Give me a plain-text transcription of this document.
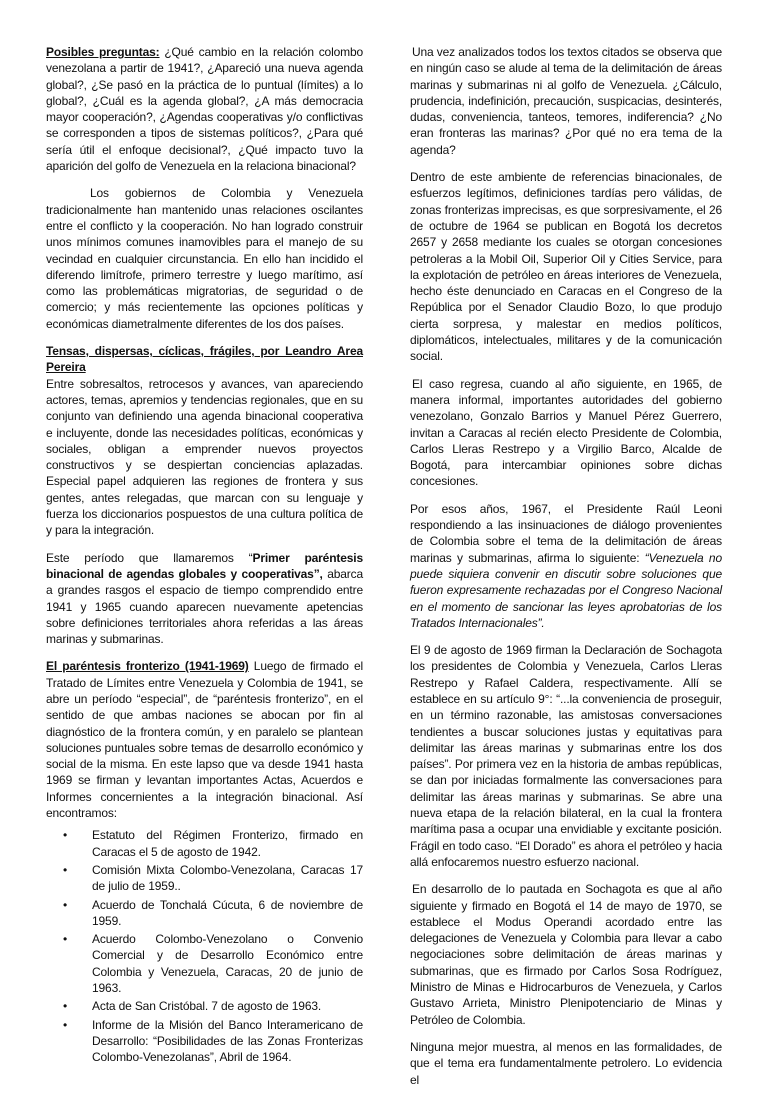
Posibles preguntas: ¿Qué cambio en la relación colombo venezolana a partir de 1941?, ¿Apareció una nueva agenda global?, ¿Se pasó en la práctica de lo puntual (límites) a lo global?, ¿Cuál es la agenda global?, ¿A más democracia mayor cooperación?, ¿Agendas cooperativas y/o conflictivas se corresponden a tipos de sistemas políticos?, ¿Para qué sería útil el enfoque decisional?, ¿Qué impacto tuvo la aparición del golfo de Venezuela en la relaciona binacional?

Los gobiernos de Colombia y Venezuela tradicionalmente han mantenido unas relaciones oscilantes entre el conflicto y la cooperación. No han logrado construir unos mínimos comunes inamovibles para el manejo de su vecindad en cualquier circunstancia. En ello han incidido el diferendo limítrofe, primero terrestre y luego marítimo, así como las problemáticas migratorias, de seguridad o de comercio; y más recientemente las opciones políticas y económicas diametralmente diferentes de los dos países.

Tensas, dispersas, cíclicas, frágiles, por Leandro Area Pereira
Entre sobresaltos, retrocesos y avances, van apareciendo actores, temas, apremios y tendencias regionales, que en su conjunto van definiendo una agenda binacional cooperativa e incluyente, donde las necesidades políticas, económicas y sociales, obligan a emprender nuevos proyectos constructivos y se despiertan conciencias aplazadas. Especial papel adquieren las regiones de frontera y sus gentes, antes relegadas, que marcan con su lenguaje y fuerza los diccionarios pospuestos de una cultura política de y para la integración.

Este período que llamaremos “Primer paréntesis binacional de agendas globales y cooperativas”, abarca a grandes rasgos el espacio de tiempo comprendido entre 1941 y 1965 cuando aparecen nuevamente apetencias sobre definiciones territoriales ahora referidas a las áreas marinas y submarinas.

El paréntesis fronterizo (1941-1969) Luego de firmado el Tratado de Límites entre Venezuela y Colombia de 1941, se abre un período “especial”, de “paréntesis fronterizo”, en el sentido de que ambas naciones se abocan por fin al diagnóstico de la frontera común, y en paralelo se plantean soluciones puntuales sobre temas de desarrollo económico y social de la misma. En este lapso que va desde 1941 hasta 1969 se firman y levantan importantes Actas, Acuerdos e Informes concernientes a la integración binacional. Así encontramos:

• Estatuto del Régimen Fronterizo, firmado en Caracas el 5 de agosto de 1942.
• Comisión Mixta Colombo-Venezolana, Caracas 17 de julio de 1959..
• Acuerdo de Tonchalá Cúcuta, 6 de noviembre de 1959.
• Acuerdo Colombo-Venezolano o Convenio Comercial y de Desarrollo Económico entre Colombia y Venezuela, Caracas, 20 de junio de 1963.
• Acta de San Cristóbal. 7 de agosto de 1963.
• Informe de la Misión del Banco Interamericano de Desarrollo: “Posibilidades de las Zonas Fronterizas Colombo-Venezolanas”, Abril de 1964.

Una vez analizados todos los textos citados se observa que en ningún caso se alude al tema de la delimitación de áreas marinas y submarinas ni al golfo de Venezuela. ¿Cálculo, prudencia, indefinición, precaución, suspicacias, desinterés, dudas, conveniencia, tanteos, temores, indiferencia? ¿No eran fronteras las marinas? ¿Por qué no era tema de la agenda?

Dentro de este ambiente de referencias binacionales, de esfuerzos legítimos, definiciones tardías pero válidas, de zonas fronterizas imprecisas, es que sorpresivamente, el 26 de octubre de 1964 se publican en Bogotá los decretos 2657 y 2658 mediante los cuales se otorgan concesiones petroleras a la Mobil Oil, Superior Oil y Cities Service, para la explotación de petróleo en áreas interiores de Venezuela, hecho éste denunciado en Caracas en el Congreso de la República por el Senador Claudio Bozo, lo que produjo cierta sorpresa, y malestar en medios políticos, diplomáticos, intelectuales, militares y de la comunicación social.

El caso regresa, cuando al año siguiente, en 1965, de manera informal, importantes autoridades del gobierno venezolano, Gonzalo Barrios y Manuel Pérez Guerrero, invitan a Caracas al recién electo Presidente de Colombia, Carlos Lleras Restrepo y a Virgilio Barco, Alcalde de Bogotá, para intercambiar opiniones sobre dichas concesiones.

Por esos años, 1967, el Presidente Raúl Leoni respondiendo a las insinuaciones de diálogo provenientes de Colombia sobre el tema de la delimitación de áreas marinas y submarinas, afirma lo siguiente: “Venezuela no puede siquiera convenir en discutir sobre soluciones que fueron expresamente rechazadas por el Congreso Nacional en el momento de sancionar las leyes aprobatorias de los Tratados Internacionales”.

El 9 de agosto de 1969 firman la Declaración de Sochagota los presidentes de Colombia y Venezuela, Carlos Lleras Restrepo y Rafael Caldera, respectivamente. Allí se establece en su artículo 9°: “...la conveniencia de proseguir, en un término razonable, las amistosas conversaciones tendientes a buscar soluciones justas y equitativas para delimitar las áreas marinas y submarinas entre los dos países”. Por primera vez en la historia de ambas repúblicas, se dan por iniciadas formalmente las conversaciones para delimitar las áreas marinas y submarinas. Se abre una nueva etapa de la relación bilateral, en la cual la frontera marítima pasa a ocupar una envidiable y excitante posición. Frágil en todo caso. “El Dorado” es ahora el petróleo y hacia allá enfocaremos nuestro esfuerzo nacional.

En desarrollo de lo pautada en Sochagota es que al año siguiente y firmado en Bogotá el 14 de mayo de 1970, se establece el Modus Operandi acordado entre las delegaciones de Venezuela y Colombia para llevar a cabo negociaciones sobre delimitación de áreas marinas y submarinas, que es firmado por Carlos Sosa Rodríguez, Ministro de Minas e Hidrocarburos de Venezuela, y Carlos Gustavo Arrieta, Ministro Plenipotenciario de Minas y Petróleo de Colombia.

Ninguna mejor muestra, al menos en las formalidades, de que el tema era fundamentalmente petrolero. Lo evidencia el
